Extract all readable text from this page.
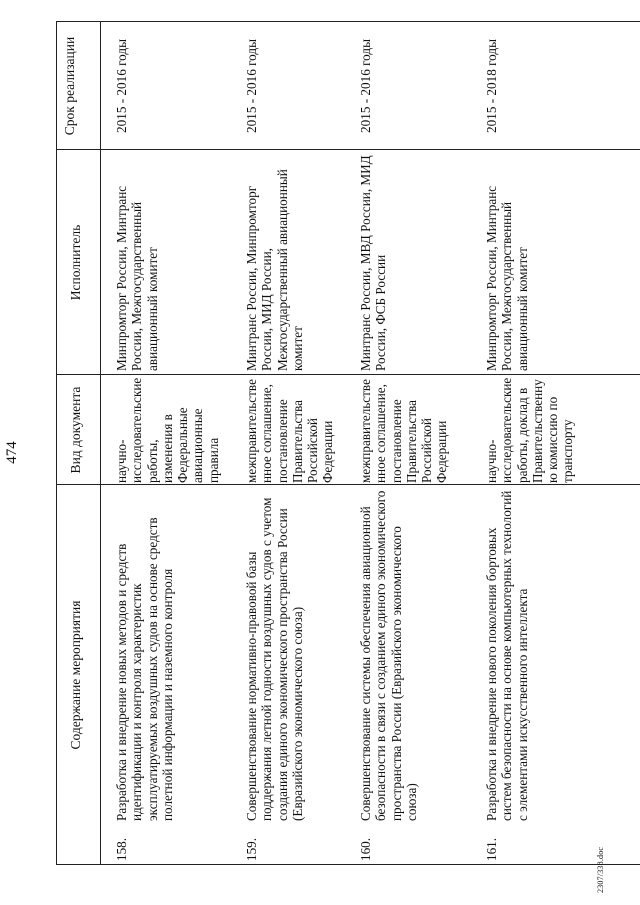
474
Содержание мероприятия
Вид документа
Исполнитель
Срок реализации
158.
Разработка и внедрение новых методов и средств идентификации и контроля характеристик эксплуатируемых воздушных судов на основе средств полетной информации и наземного контроля
научно-исследовательские работы, изменения в Федеральные авиационные правила
Минпромторг России, Минтранс России, Межгосударственный авиационный комитет
2015 - 2016 годы
159.
Совершенствование нормативно-правовой базы поддержания летной годности воздушных судов с учетом создания единого экономического пространства России (Евразийского экономического союза)
межправительственное соглашение, постановление Правительства Российской Федерации
Минтранс России, Минпромторг России, МИД России, Межгосударственный авиационный комитет
2015 - 2016 годы
160.
Совершенствование системы обеспечения авиационной безопасности в связи с созданием единого экономического пространства России (Евразийского экономического союза)
межправительственное соглашение, постановление Правительства Российской Федерации
Минтранс России, МВД России, МИД России, ФСБ России
2015 - 2016 годы
161.
Разработка и внедрение нового поколения бортовых систем безопасности на основе компьютерных технологий с элементами искусственного интеллекта
научно-исследовательские работы, доклад в Правительственную комиссию по транспорту
Минпромторг России, Минтранс России, Межгосударственный авиационный комитет
2015 - 2018 годы
2307/338.doc
